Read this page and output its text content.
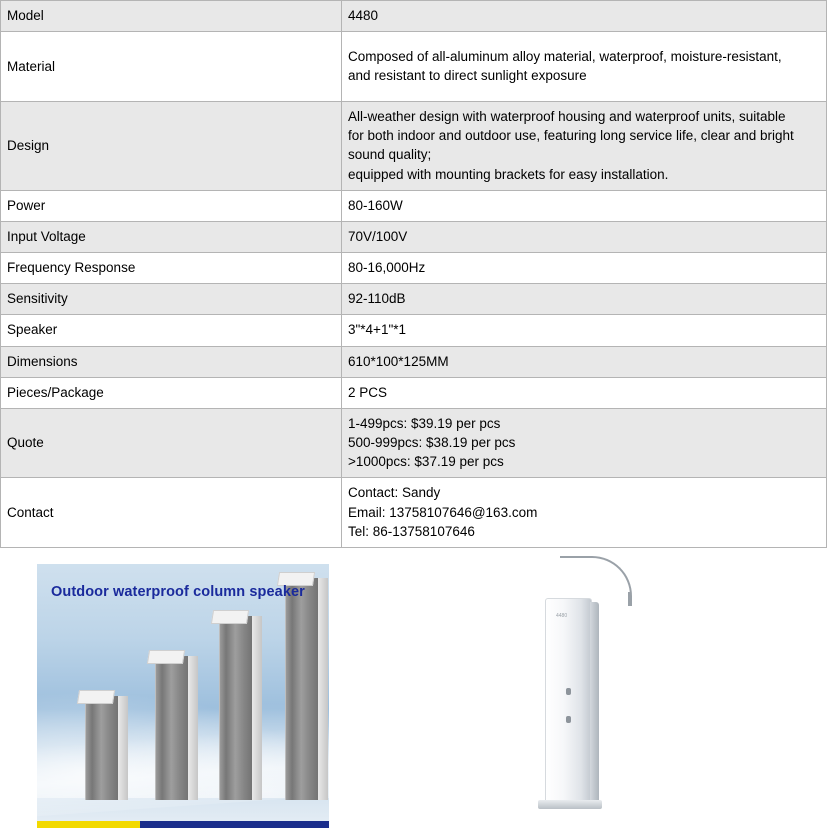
Model	4480

Material	Composed of all-aluminum alloy material, waterproof, moisture-resistant,
and resistant to direct sunlight exposure

Design	All-weather design with waterproof housing and waterproof units, suitable
for both indoor and outdoor use, featuring long service life, clear and bright
sound quality;
equipped with mounting brackets for easy installation.

Power	80-160W

Input Voltage	70V/100V

Frequency Response	80-16,000Hz

Sensitivity	92-110dB

Speaker	3"*4+1"*1

Dimensions	610*100*125MM

Pieces/Package	2 PCS

Quote	1-499pcs: $39.19 per pcs
500-999pcs: $38.19 per pcs
>1000pcs: $37.19 per pcs

Contact	Contact: Sandy
Email: 13758107646@163.com
Tel: 86-13758107646
Outdoor waterproof column speaker
4480
